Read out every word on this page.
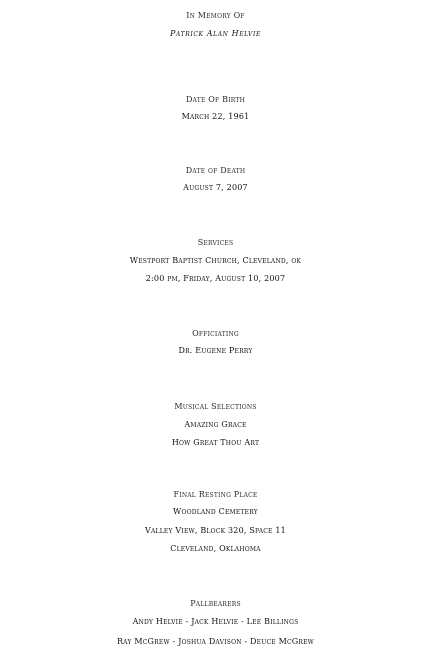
In Memory Of
Patrick Alan Helvie
Date Of Birth
March 22, 1961
Date of Death
August 7, 2007
Services
Westport Baptist Church, Cleveland, ok
2:00 pm, Friday, August 10, 2007
Officiating
Dr. Eugene Perry
Musical Selections
Amazing Grace
How Great Thou Art
Final Resting Place
Woodland Cemetery
Valley View, Block 320, Space 11
Cleveland, Oklahoma
Pallbearers
Andy Helvie - Jack Helvie - Lee Billings
Ray McGrew - Joshua Davison - Deuce McGrew
